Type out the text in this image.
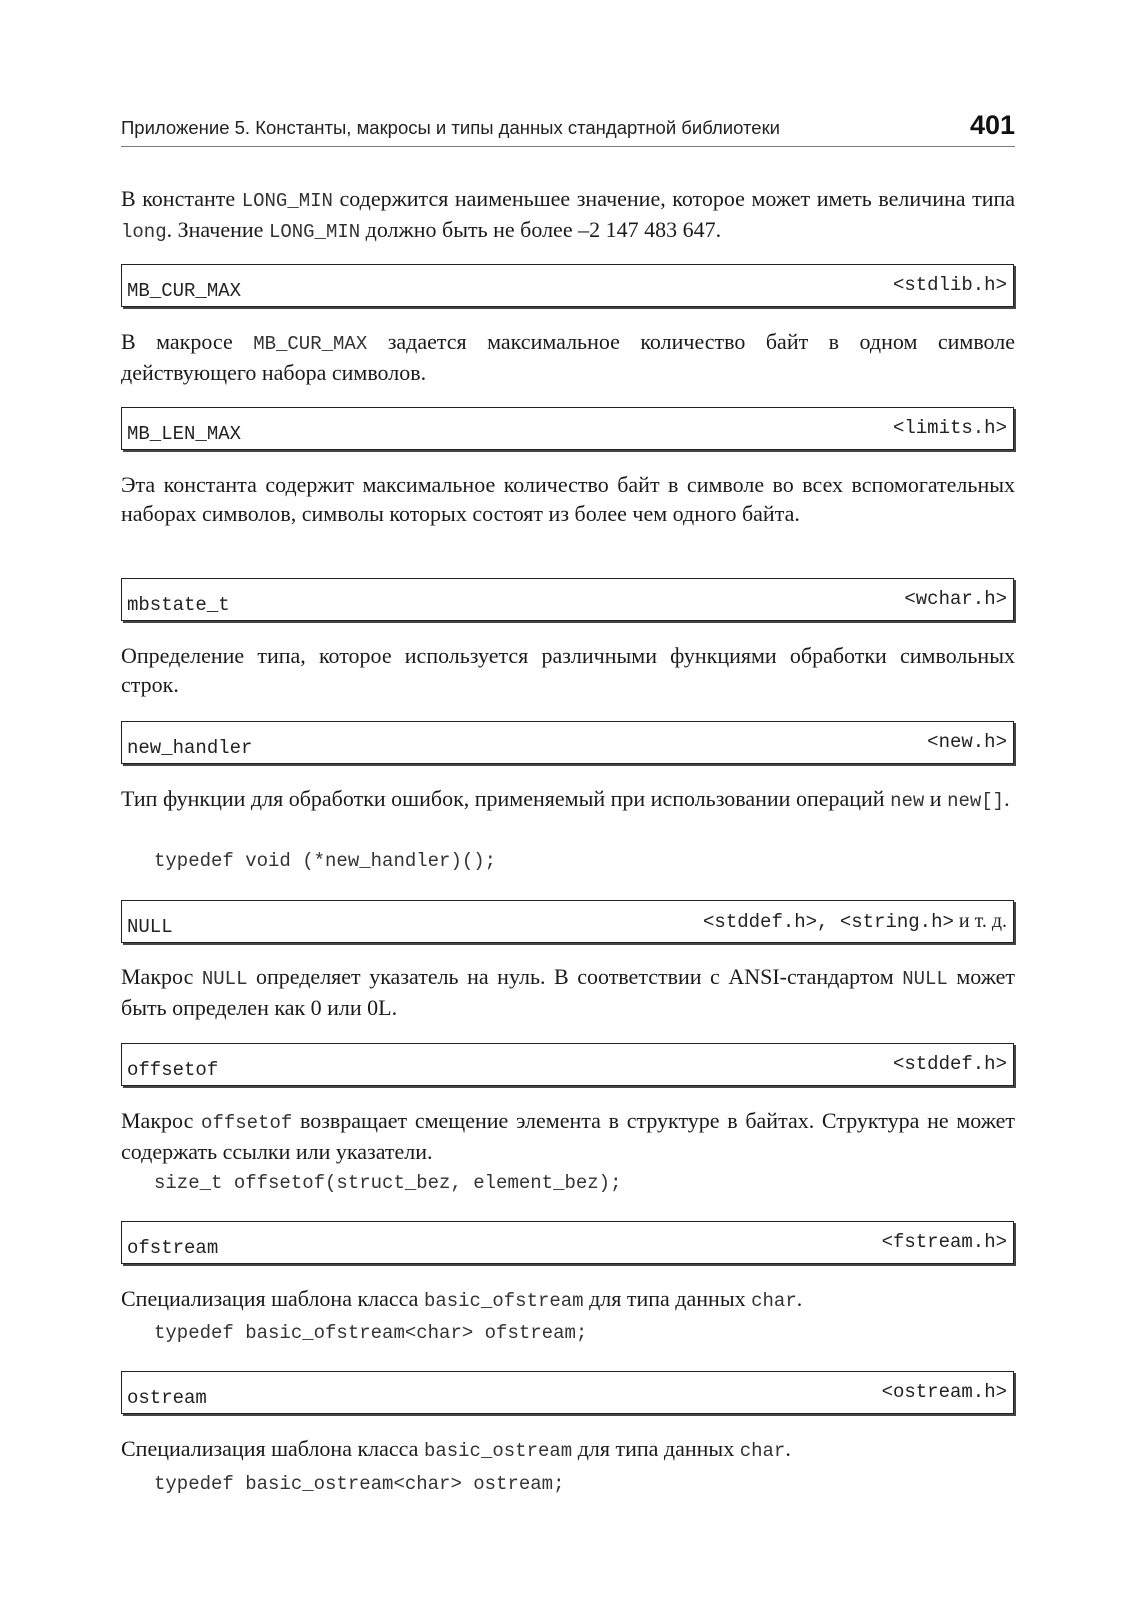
Приложение 5. Константы, макросы и типы данных стандартной библиотеки	401
В константе LONG_MIN содержится наименьшее значение, которое может иметь величина типа long. Значение LONG_MIN должно быть не более –2 147 483 647.
MB_CUR_MAX	<stdlib.h>
В макросе MB_CUR_MAX задается максимальное количество байт в одном символе действующего набора символов.
MB_LEN_MAX	<limits.h>
Эта константа содержит максимальное количество байт в символе во всех вспомогательных наборах символов, символы которых состоят из более чем одного байта.
mbstate_t	<wchar.h>
Определение типа, которое используется различными функциями обработки символьных строк.
new_handler	<new.h>
Тип функции для обработки ошибок, применяемый при использовании операций new и new[].
typedef void (*new_handler)();
NULL	<stddef.h>, <string.h> и т. д.
Макрос NULL определяет указатель на нуль. В соответствии с ANSI-стандартом NULL может быть определен как 0 или 0L.
offsetof	<stddef.h>
Макрос offsetof возвращает смещение элемента в структуре в байтах. Структура не может содержать ссылки или указатели.
size_t offsetof(struct_bez, element_bez);
ofstream	<fstream.h>
Специализация шаблона класса basic_ofstream для типа данных char.
typedef basic_ofstream<char> ofstream;
ostream	<ostream.h>
Специализация шаблона класса basic_ostream для типа данных char.
typedef basic_ostream<char> ostream;
